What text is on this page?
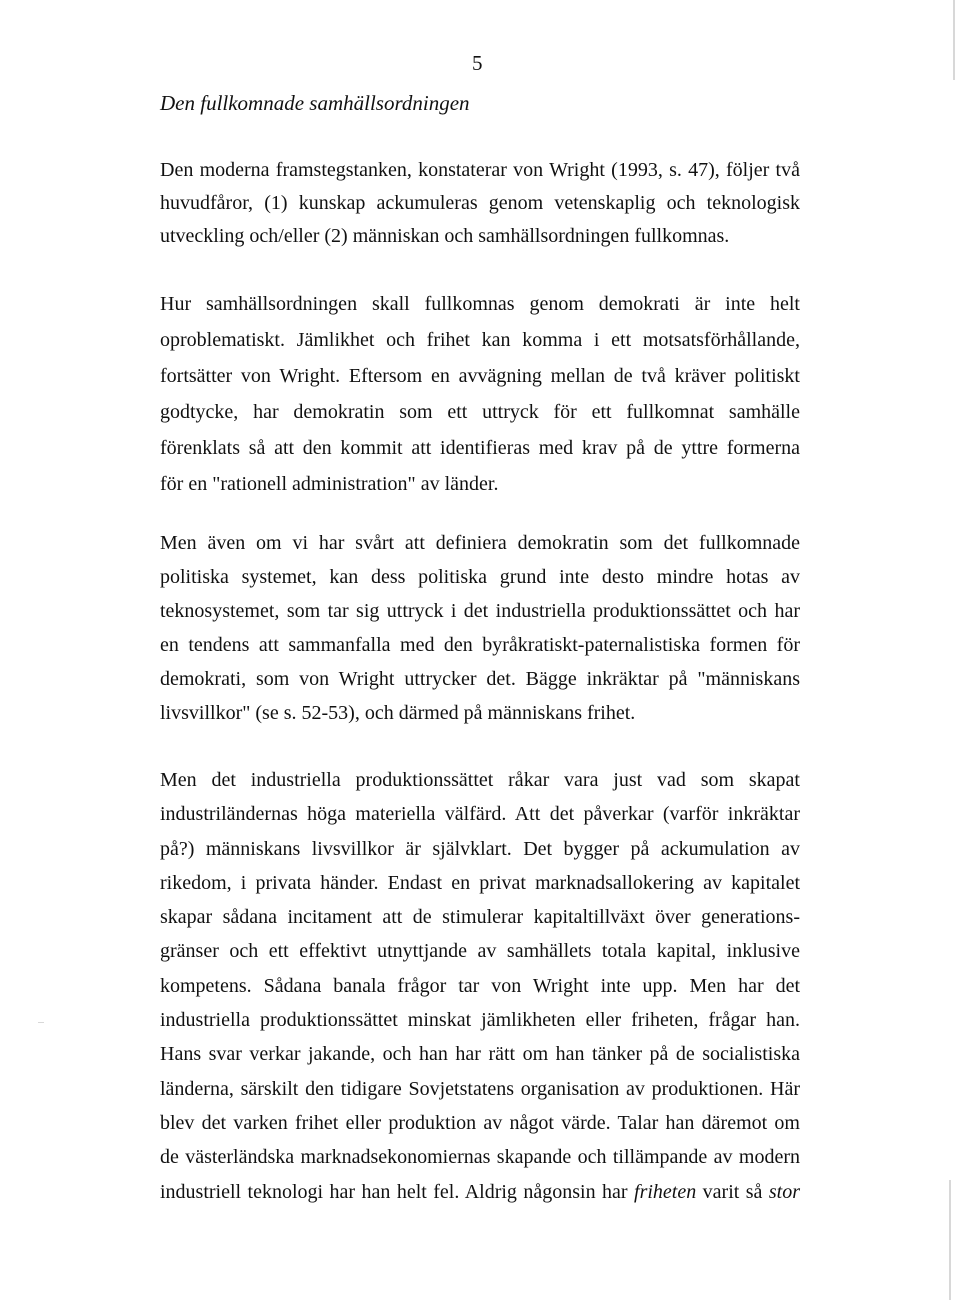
5
Den fullkomnade samhällsordningen

Den moderna framstegstanken, konstaterar von Wright (1993, s. 47), följer två
huvudfåror, (1) kunskap ackumuleras genom vetenskaplig och teknologisk
utveckling och/eller (2) människan och samhällsordningen fullkomnas.

Hur samhällsordningen skall fullkomnas genom demokrati är inte helt
oproblematiskt. Jämlikhet och frihet kan komma i ett motsatsförhållande,
fortsätter von Wright. Eftersom en avvägning mellan de två kräver politiskt
godtycke, har demokratin som ett uttryck för ett fullkomnat samhälle
förenklats så att den kommit att identifieras med krav på de yttre formerna
för en "rationell administration" av länder.

Men även om vi har svårt att definiera demokratin som det fullkomnade
politiska systemet, kan dess politiska grund inte desto mindre hotas av
teknosystemet, som tar sig uttryck i det industriella produktionssättet och har
en tendens att sammanfalla med den byråkratiskt-paternalistiska formen för
demokrati, som von Wright uttrycker det. Bägge inkräktar på "människans
livsvillkor" (se s. 52-53), och därmed på människans frihet.

Men det industriella produktionssättet råkar vara just vad som skapat
industriländernas höga materiella välfärd. Att det påverkar (varför inkräktar
på?) människans livsvillkor är självklart. Det bygger på ackumulation av
rikedom, i privata händer. Endast en privat marknadsallokering av kapitalet
skapar sådana incitament att de stimulerar kapitaltillväxt över generations-
gränser och ett effektivt utnyttjande av samhällets totala kapital, inklusive
kompetens. Sådana banala frågor tar von Wright inte upp. Men har det
industriella produktionssättet minskat jämlikheten eller friheten, frågar han.
Hans svar verkar jakande, och han har rätt om han tänker på de socialistiska
länderna, särskilt den tidigare Sovjetstatens organisation av produktionen. Här
blev det varken frihet eller produktion av något värde. Talar han däremot om
de västerländska marknadsekonomiernas skapande och tillämpande av modern
industriell teknologi har han helt fel. Aldrig någonsin har friheten varit så stor
